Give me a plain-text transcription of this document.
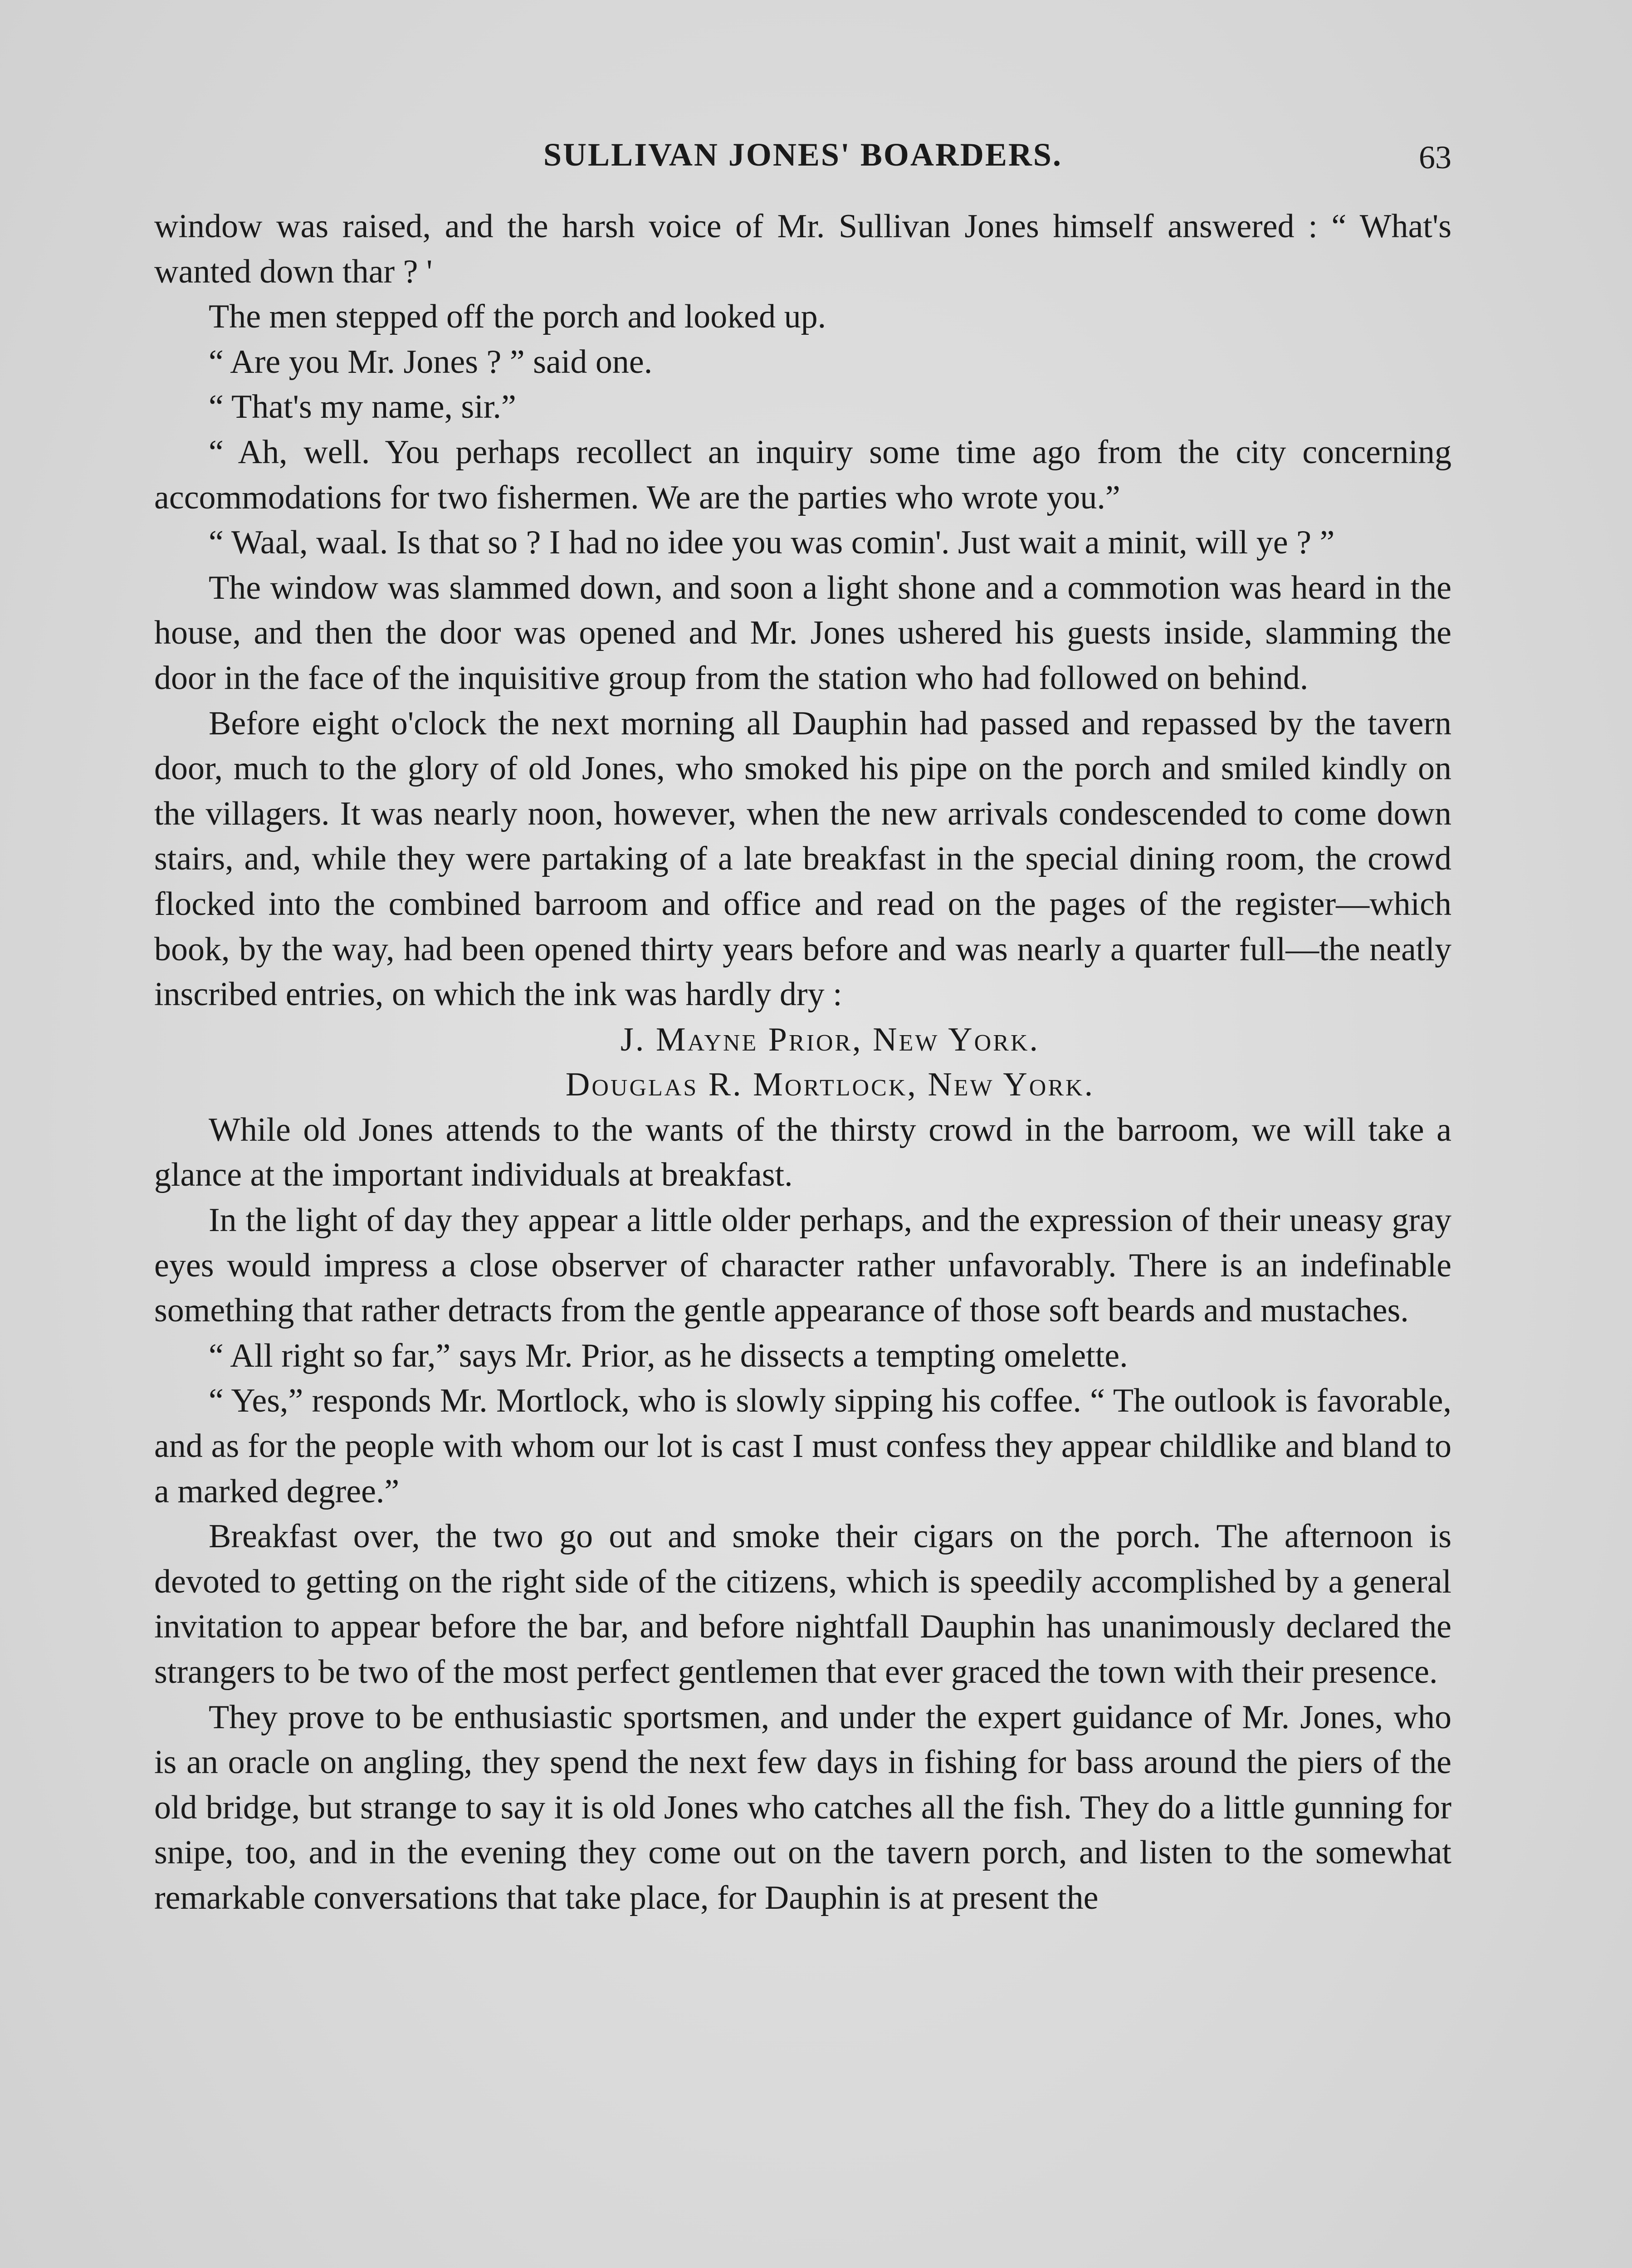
SULLIVAN JONES' BOARDERS.	63

window was raised, and the harsh voice of Mr. Sullivan Jones himself answered : “ What's wanted down thar ? '

The men stepped off the porch and looked up.

“ Are you Mr. Jones ? ” said one.

“ That's my name, sir.”

“ Ah, well. You perhaps recollect an inquiry some time ago from the city concerning accommodations for two fishermen. We are the parties who wrote you.”

“ Waal, waal. Is that so ? I had no idee you was comin'. Just wait a minit, will ye ? ”

The window was slammed down, and soon a light shone and a commotion was heard in the house, and then the door was opened and Mr. Jones ushered his guests inside, slamming the door in the face of the inquisitive group from the station who had followed on behind.

Before eight o'clock the next morning all Dauphin had passed and repassed by the tavern door, much to the glory of old Jones, who smoked his pipe on the porch and smiled kindly on the villagers. It was nearly noon, however, when the new arrivals condescended to come down stairs, and, while they were partaking of a late breakfast in the special dining room, the crowd flocked into the combined barroom and office and read on the pages of the register—which book, by the way, had been opened thirty years before and was nearly a quarter full—the neatly inscribed entries, on which the ink was hardly dry :

J. Mayne Prior, New York.

Douglas R. Mortlock, New York.

While old Jones attends to the wants of the thirsty crowd in the barroom, we will take a glance at the important individuals at breakfast.

In the light of day they appear a little older perhaps, and the expression of their uneasy gray eyes would impress a close observer of character rather unfavorably. There is an indefinable something that rather detracts from the gentle appearance of those soft beards and mustaches.

“ All right so far,” says Mr. Prior, as he dissects a tempting omelette.

“ Yes,” responds Mr. Mortlock, who is slowly sipping his coffee. “ The outlook is favorable, and as for the people with whom our lot is cast I must confess they appear childlike and bland to a marked degree.”

Breakfast over, the two go out and smoke their cigars on the porch. The afternoon is devoted to getting on the right side of the citizens, which is speedily accomplished by a general invitation to appear before the bar, and before nightfall Dauphin has unanimously declared the strangers to be two of the most perfect gentlemen that ever graced the town with their presence.

They prove to be enthusiastic sportsmen, and under the expert guidance of Mr. Jones, who is an oracle on angling, they spend the next few days in fishing for bass around the piers of the old bridge, but strange to say it is old Jones who catches all the fish. They do a little gunning for snipe, too, and in the evening they come out on the tavern porch, and listen to the somewhat remarkable conversations that take place, for Dauphin is at present the
